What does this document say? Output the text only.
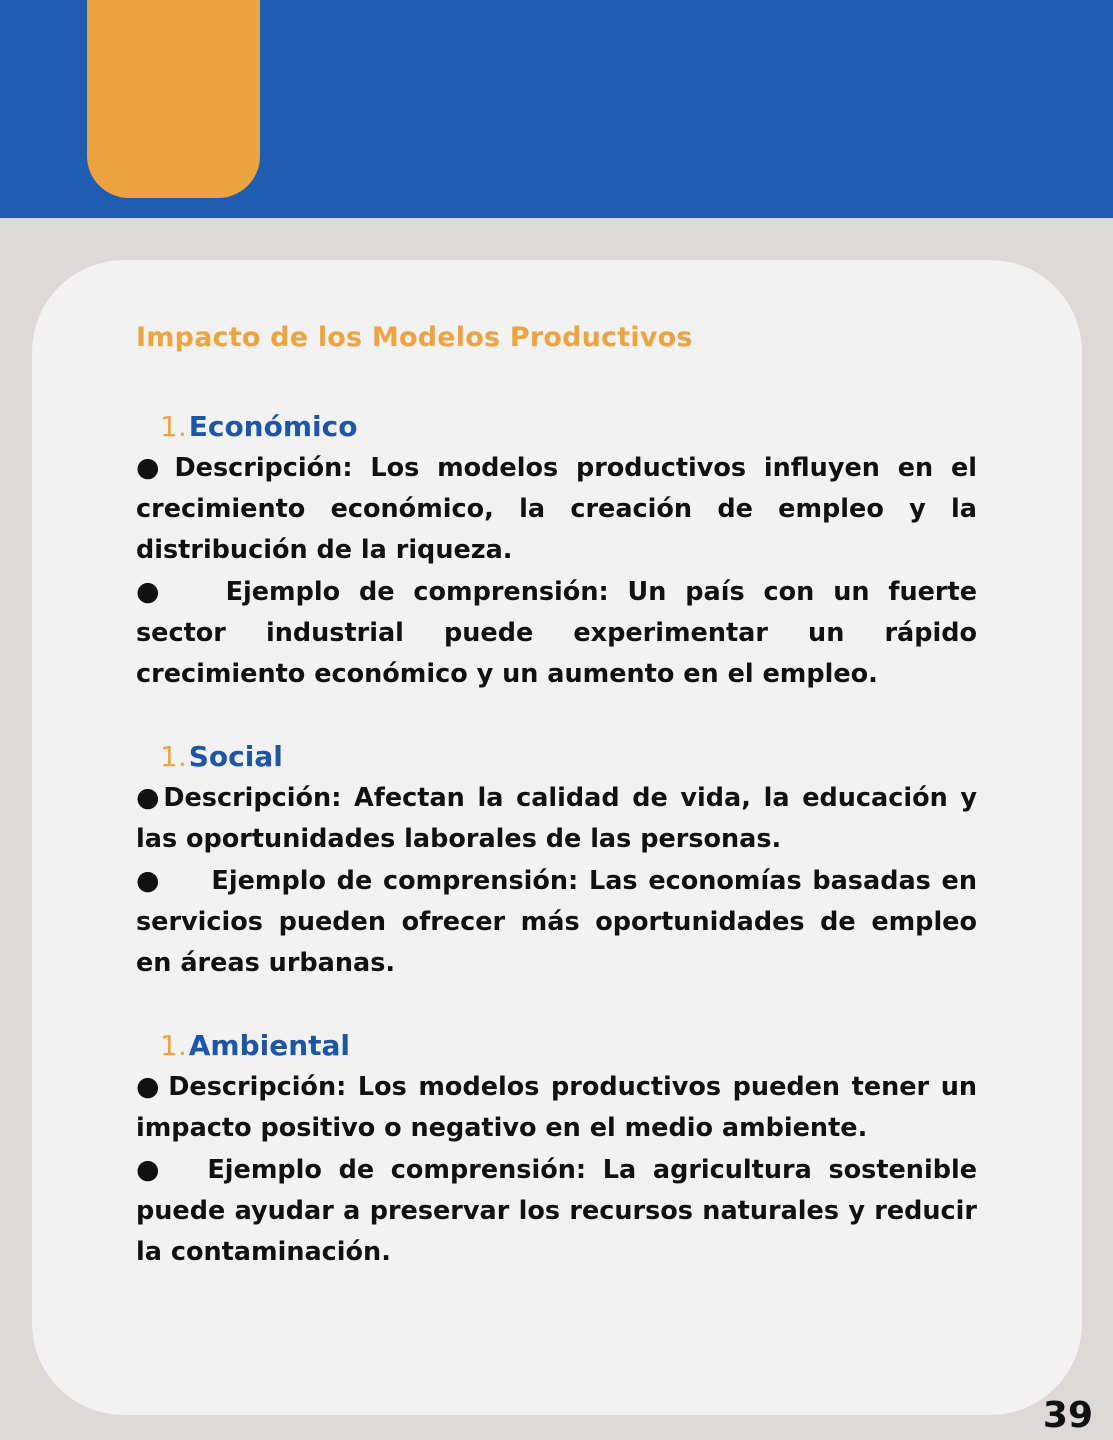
Impacto de los Modelos Productivos
1.Económico

● Descripción: Los modelos productivos influyen en el crecimiento económico, la creación de empleo y la distribución de la riqueza.

● Ejemplo de comprensión: Un país con un fuerte sector industrial puede experimentar un rápido crecimiento económico y un aumento en el empleo.

1.Social

●Descripción: Afectan la calidad de vida, la educación y las oportunidades laborales de las personas.

● Ejemplo de comprensión: Las economías basadas en servicios pueden ofrecer más oportunidades de empleo en áreas urbanas.

1.Ambiental

● Descripción: Los modelos productivos pueden tener un impacto positivo o negativo en el medio ambiente.

● Ejemplo de comprensión: La agricultura sostenible puede ayudar a preservar los recursos naturales y reducir la contaminación.

39
